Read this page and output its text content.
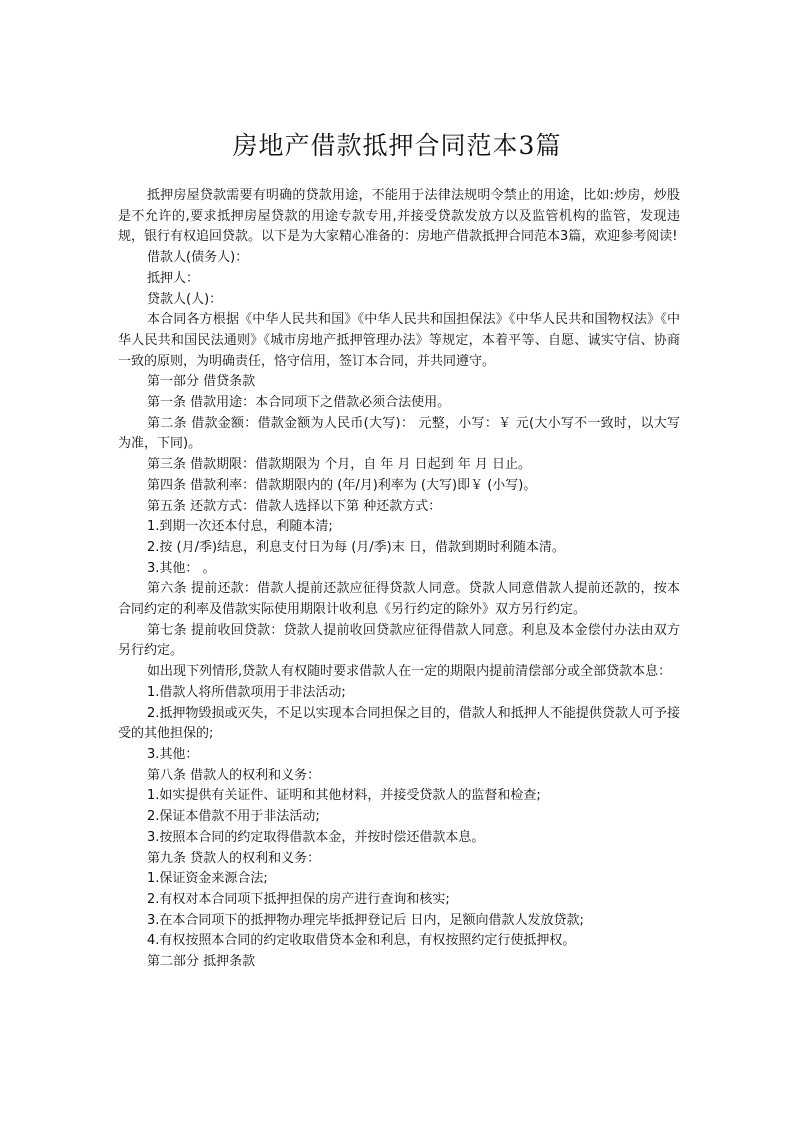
房地产借款抵押合同范本3篇

抵押房屋贷款需要有明确的贷款用途，不能用于法律法规明令禁止的用途，比如:炒房，炒股是不允许的,要求抵押房屋贷款的用途专款专用,并接受贷款发放方以及监管机构的监管，发现违规，银行有权追回贷款。以下是为大家精心准备的：房地产借款抵押合同范本3篇，欢迎参考阅读!

借款人(债务人)：

抵押人：

贷款人(人)：

本合同各方根据《中华人民共和国》《中华人民共和国担保法》《中华人民共和国物权法》《中华人民共和国民法通则》《城市房地产抵押管理办法》等规定，本着平等、自愿、诚实守信、协商一致的原则，为明确责任，恪守信用，签订本合同，并共同遵守。

第一部分 借贷条款

第一条 借款用途：本合同项下之借款必须合法使用。

第二条 借款金额：借款金额为人民币(大写)： 元整，小写：￥ 元(大小写不一致时，以大写为准，下同)。

第三条 借款期限：借款期限为 个月，自 年 月 日起到 年 月 日止。

第四条 借款利率：借款期限内的 (年/月)利率为 (大写)即￥ (小写)。

第五条 还款方式：借款人选择以下第 种还款方式：

1.到期一次还本付息，利随本清;

2.按 (月/季)结息，利息支付日为每 (月/季)末 日，借款到期时利随本清。

3.其他： 。

第六条 提前还款：借款人提前还款应征得贷款人同意。贷款人同意借款人提前还款的，按本合同约定的利率及借款实际使用期限计收利息《另行约定的除外》双方另行约定。

第七条 提前收回贷款：贷款人提前收回贷款应征得借款人同意。利息及本金偿付办法由双方另行约定。

如出现下列情形,贷款人有权随时要求借款人在一定的期限内提前清偿部分或全部贷款本息：

1.借款人将所借款项用于非法活动;

2.抵押物毁损或灭失，不足以实现本合同担保之目的，借款人和抵押人不能提供贷款人可予接受的其他担保的;

3.其他：

第八条 借款人的权利和义务：

1.如实提供有关证件、证明和其他材料，并接受贷款人的监督和检查;

2.保证本借款不用于非法活动;

3.按照本合同的约定取得借款本金，并按时偿还借款本息。

第九条 贷款人的权利和义务：

1.保证资金来源合法;

2.有权对本合同项下抵押担保的房产进行查询和核实;

3.在本合同项下的抵押物办理完毕抵押登记后 日内，足额向借款人发放贷款;

4.有权按照本合同的约定收取借贷本金和利息，有权按照约定行使抵押权。

第二部分 抵押条款
